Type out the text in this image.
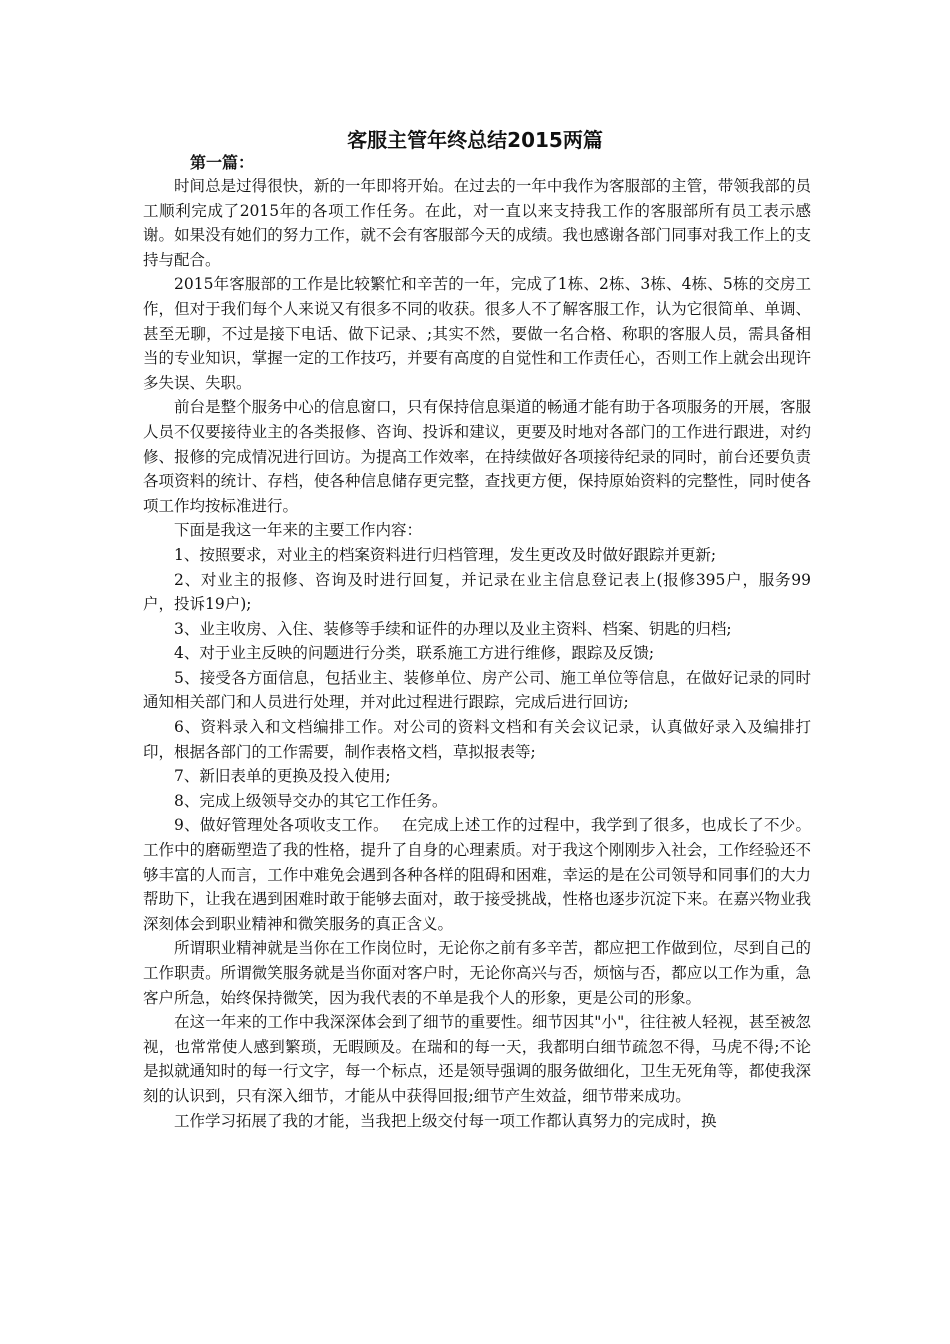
客服主管年终总结2015两篇
第一篇：

时间总是过得很快，新的一年即将开始。在过去的一年中我作为客服部的主管，带领我部的员工顺利完成了2015年的各项工作任务。在此，对一直以来支持我工作的客服部所有员工表示感谢。如果没有她们的努力工作，就不会有客服部今天的成绩。我也感谢各部门同事对我工作上的支持与配合。

2015年客服部的工作是比较繁忙和辛苦的一年，完成了1栋、2栋、3栋、4栋、5栋的交房工作，但对于我们每个人来说又有很多不同的收获。很多人不了解客服工作，认为它很简单、单调、甚至无聊，不过是接下电话、做下记录、;其实不然，要做一名合格、称职的客服人员，需具备相当的专业知识，掌握一定的工作技巧，并要有高度的自觉性和工作责任心，否则工作上就会出现许多失误、失职。

前台是整个服务中心的信息窗口，只有保持信息渠道的畅通才能有助于各项服务的开展，客服人员不仅要接待业主的各类报修、咨询、投诉和建议，更要及时地对各部门的工作进行跟进，对约修、报修的完成情况进行回访。为提高工作效率，在持续做好各项接待纪录的同时，前台还要负责各项资料的统计、存档，使各种信息储存更完整，查找更方便，保持原始资料的完整性，同时使各项工作均按标准进行。

下面是我这一年来的主要工作内容：

1、按照要求，对业主的档案资料进行归档管理，发生更改及时做好跟踪并更新;

2、对业主的报修、咨询及时进行回复，并记录在业主信息登记表上(报修395户，服务99户，投诉19户);

3、业主收房、入住、装修等手续和证件的办理以及业主资料、档案、钥匙的归档;

4、对于业主反映的问题进行分类，联系施工方进行维修，跟踪及反馈;

5、接受各方面信息，包括业主、装修单位、房产公司、施工单位等信息，在做好记录的同时通知相关部门和人员进行处理，并对此过程进行跟踪，完成后进行回访;

6、资料录入和文档编排工作。对公司的资料文档和有关会议记录，认真做好录入及编排打印，根据各部门的工作需要，制作表格文档，草拟报表等;

7、新旧表单的更换及投入使用;

8、完成上级领导交办的其它工作任务。

9、做好管理处各项收支工作。　 在完成上述工作的过程中，我学到了很多，也成长了不少。工作中的磨砺塑造了我的性格，提升了自身的心理素质。对于我这个刚刚步入社会，工作经验还不够丰富的人而言，工作中难免会遇到各种各样的阻碍和困难，幸运的是在公司领导和同事们的大力帮助下，让我在遇到困难时敢于能够去面对，敢于接受挑战，性格也逐步沉淀下来。在嘉兴物业我深刻体会到职业精神和微笑服务的真正含义。

所谓职业精神就是当你在工作岗位时，无论你之前有多辛苦，都应把工作做到位，尽到自己的工作职责。所谓微笑服务就是当你面对客户时，无论你高兴与否，烦恼与否，都应以工作为重，急客户所急，始终保持微笑，因为我代表的不单是我个人的形象，更是公司的形象。

在这一年来的工作中我深深体会到了细节的重要性。细节因其"小"，往往被人轻视，甚至被忽视，也常常使人感到繁琐，无暇顾及。在瑞和的每一天，我都明白细节疏忽不得，马虎不得;不论是拟就通知时的每一行文字，每一个标点，还是领导强调的服务做细化，卫生无死角等，都使我深刻的认识到，只有深入细节，才能从中获得回报;细节产生效益，细节带来成功。

工作学习拓展了我的才能，当我把上级交付每一项工作都认真努力的完成时，换
